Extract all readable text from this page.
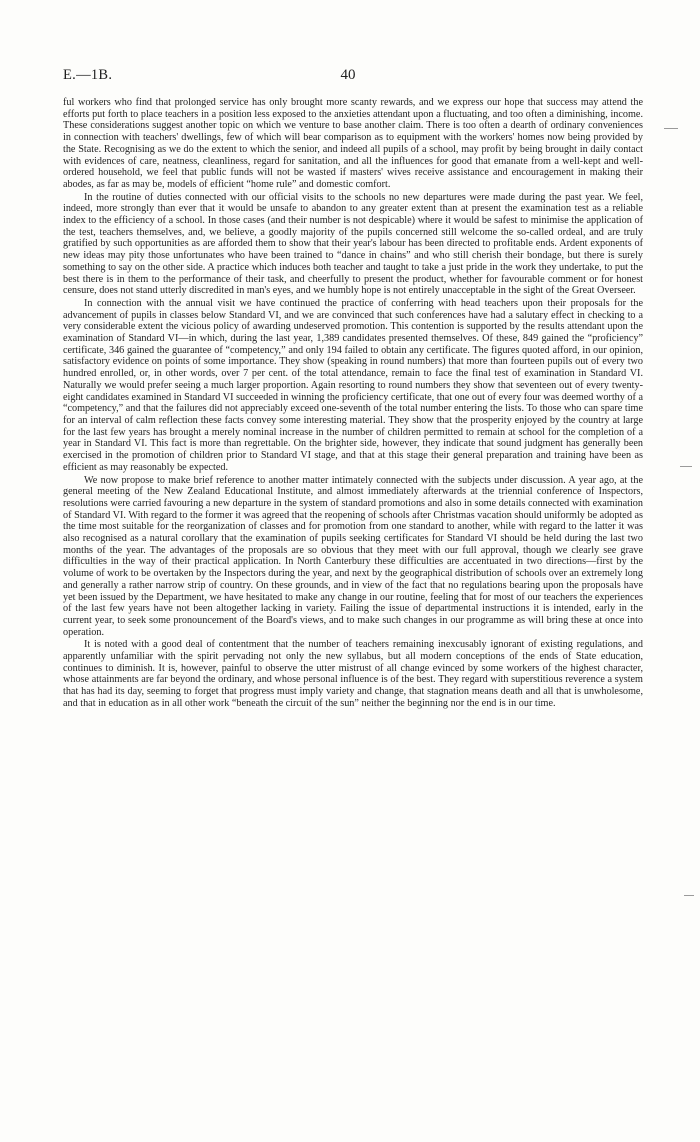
E.—1B.	40

ful workers who find that prolonged service has only brought more scanty rewards, and we express our hope that success may attend the efforts put forth to place teachers in a position less exposed to the anxieties attendant upon a fluctuating, and too often a diminishing, income. These considerations suggest another topic on which we venture to base another claim. There is too often a dearth of ordinary conveniences in connection with teachers' dwellings, few of which will bear comparison as to equipment with the workers' homes now being provided by the State. Recognising as we do the extent to which the senior, and indeed all pupils of a school, may profit by being brought in daily contact with evidences of care, neatness, cleanliness, regard for sanitation, and all the influences for good that emanate from a well-kept and well-ordered household, we feel that public funds will not be wasted if masters' wives receive assistance and encouragement in making their abodes, as far as may be, models of efficient “home rule” and domestic comfort.

In the routine of duties connected with our official visits to the schools no new departures were made during the past year. We feel, indeed, more strongly than ever that it would be unsafe to abandon to any greater extent than at present the examination test as a reliable index to the efficiency of a school. In those cases (and their number is not despicable) where it would be safest to minimise the application of the test, teachers themselves, and, we believe, a goodly majority of the pupils concerned still welcome the so-called ordeal, and are truly gratified by such opportunities as are afforded them to show that their year's labour has been directed to profitable ends. Ardent exponents of new ideas may pity those unfortunates who have been trained to “dance in chains” and who still cherish their bondage, but there is surely something to say on the other side. A practice which induces both teacher and taught to take a just pride in the work they undertake, to put the best there is in them to the performance of their task, and cheerfully to present the product, whether for favourable comment or for honest censure, does not stand utterly discredited in man's eyes, and we humbly hope is not entirely unacceptable in the sight of the Great Overseer.

In connection with the annual visit we have continued the practice of conferring with head teachers upon their proposals for the advancement of pupils in classes below Standard VI, and we are convinced that such conferences have had a salutary effect in checking to a very considerable extent the vicious policy of awarding undeserved promotion. This contention is supported by the results attendant upon the examination of Standard VI—in which, during the last year, 1,389 candidates presented themselves. Of these, 849 gained the “proficiency” certificate, 346 gained the guarantee of “competency,” and only 194 failed to obtain any certificate. The figures quoted afford, in our opinion, satisfactory evidence on points of some importance. They show (speaking in round numbers) that more than fourteen pupils out of every two hundred enrolled, or, in other words, over 7 per cent. of the total attendance, remain to face the final test of examination in Standard VI. Naturally we would prefer seeing a much larger proportion. Again resorting to round numbers they show that seventeen out of every twenty-eight candidates examined in Standard VI succeeded in winning the proficiency certificate, that one out of every four was deemed worthy of a “competency,” and that the failures did not appreciably exceed one-seventh of the total number entering the lists. To those who can spare time for an interval of calm reflection these facts convey some interesting material. They show that the prosperity enjoyed by the country at large for the last few years has brought a merely nominal increase in the number of children permitted to remain at school for the completion of a year in Standard VI. This fact is more than regrettable. On the brighter side, however, they indicate that sound judgment has generally been exercised in the promotion of children prior to Standard VI stage, and that at this stage their general preparation and training have been as efficient as may reasonably be expected.

We now propose to make brief reference to another matter intimately connected with the subjects under discussion. A year ago, at the general meeting of the New Zealand Educational Institute, and almost immediately afterwards at the triennial conference of Inspectors, resolutions were carried favouring a new departure in the system of standard promotions and also in some details connected with examination of Standard VI. With regard to the former it was agreed that the reopening of schools after Christmas vacation should uniformly be adopted as the time most suitable for the reorganization of classes and for promotion from one standard to another, while with regard to the latter it was also recognised as a natural corollary that the examination of pupils seeking certificates for Standard VI should be held during the last two months of the year. The advantages of the proposals are so obvious that they meet with our full approval, though we clearly see grave difficulties in the way of their practical application. In North Canterbury these difficulties are accentuated in two directions—first by the volume of work to be overtaken by the Inspectors during the year, and next by the geographical distribution of schools over an extremely long and generally a rather narrow strip of country. On these grounds, and in view of the fact that no regulations bearing upon the proposals have yet been issued by the Department, we have hesitated to make any change in our routine, feeling that for most of our teachers the experiences of the last few years have not been altogether lacking in variety. Failing the issue of departmental instructions it is intended, early in the current year, to seek some pronouncement of the Board's views, and to make such changes in our programme as will bring these at once into operation.

It is noted with a good deal of contentment that the number of teachers remaining inexcusably ignorant of existing regulations, and apparently unfamiliar with the spirit pervading not only the new syllabus, but all modern conceptions of the ends of State education, continues to diminish. It is, however, painful to observe the utter mistrust of all change evinced by some workers of the highest character, whose attainments are far beyond the ordinary, and whose personal influence is of the best. They regard with superstitious reverence a system that has had its day, seeming to forget that progress must imply variety and change, that stagnation means death and all that is unwholesome, and that in education as in all other work “beneath the circuit of the sun” neither the beginning nor the end is in our time.
